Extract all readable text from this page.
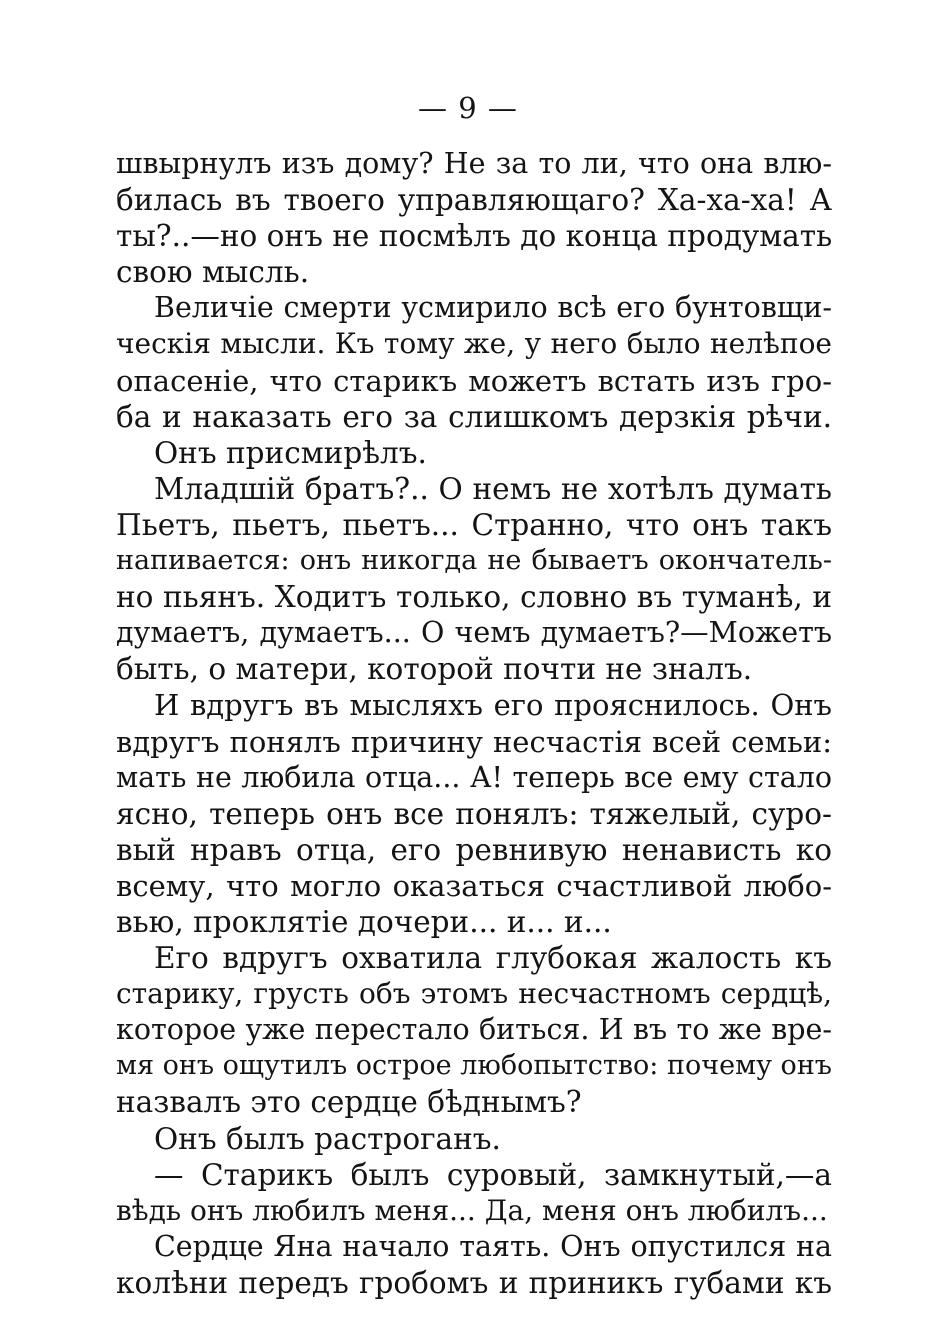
— 9 —
швырнулъ изъ дому? Не за то ли, что она влю-
билась въ твоего управляющаго? Ха-ха-ха! А
ты?..—но онъ не посмѣлъ до конца продумать
свою мысль.
Величіе смерти усмирило всѣ его бунтовщи-
ческія мысли. Къ тому же, у него было нелѣпое
опасеніе, что старикъ можетъ встать изъ гро-
ба и наказать его за слишкомъ дерзкія рѣчи.
Онъ присмирѣлъ.
Младшій братъ?.. О немъ не хотѣлъ думать
Пьетъ, пьетъ, пьетъ... Странно, что онъ такъ
напивается: онъ никогда не бываетъ окончатель-
но пьянъ. Ходитъ только, словно въ туманѣ, и
думаетъ, думаетъ... О чемъ думаетъ?—Можетъ
быть, о матери, которой почти не зналъ.
И вдругъ въ мысляхъ его прояснилось. Онъ
вдругъ понялъ причину несчастія всей семьи:
мать не любила отца... А! теперь все ему стало
ясно, теперь онъ все понялъ: тяжелый, суро-
вый нравъ отца, его ревнивую ненависть ко
всему, что могло оказаться счастливой любо-
вью, проклятіе дочери... и... и...
Его вдругъ охватила глубокая жалость къ
старику, грусть объ этомъ несчастномъ сердцѣ,
которое уже перестало биться. И въ то же вре-
мя онъ ощутилъ острое любопытство: почему онъ
назвалъ это сердце бѣднымъ?
Онъ былъ растроганъ.
— Старикъ былъ суровый, замкнутый,—а
вѣдь онъ любилъ меня... Да, меня онъ любилъ...
Сердце Яна начало таять. Онъ опустился на
колѣни передъ гробомъ и приникъ губами къ
